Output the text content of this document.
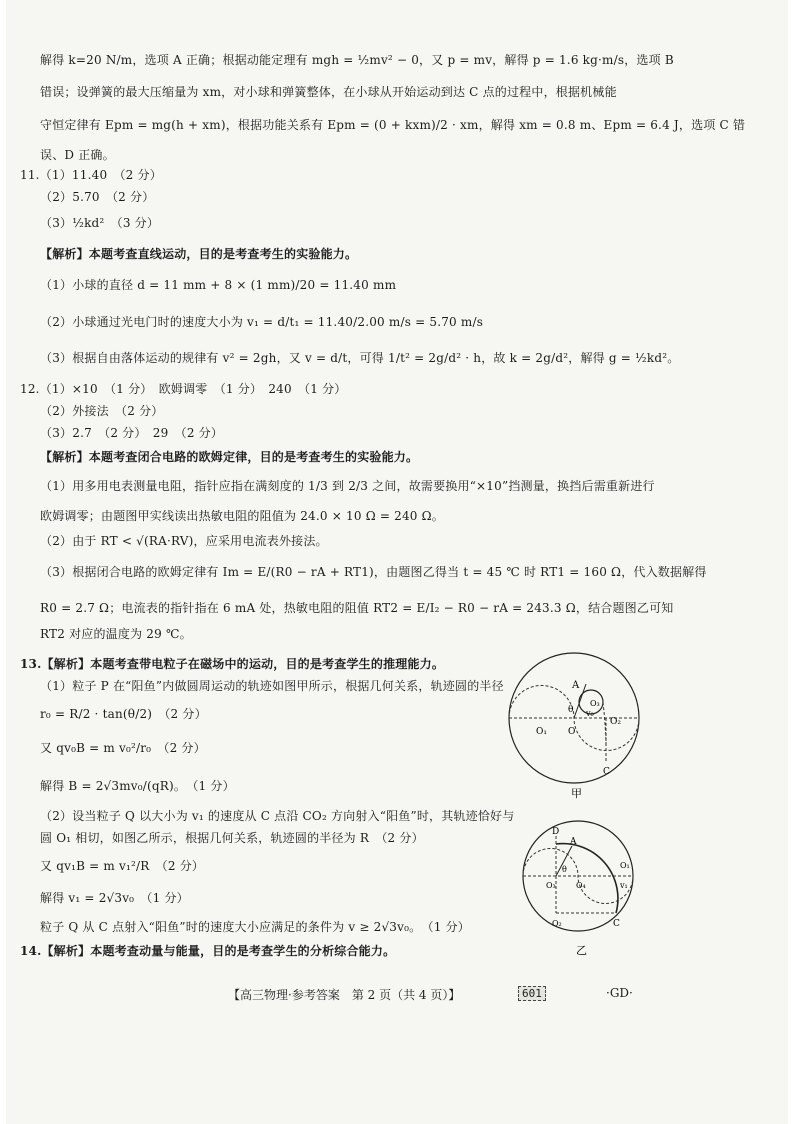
解得 k=20 N/m，选项 A 正确；根据动能定理有 mgh = ½mv² − 0，又 p = mv，解得 p = 1.6 kg·m/s，选项 B
错误；设弹簧的最大压缩量为 xm，对小球和弹簧整体，在小球从开始运动到达 C 点的过程中，根据机械能
守恒定律有 Epm = mg(h + xm)，根据功能关系有 Epm = (0 + kxm)/2 · xm，解得 xm = 0.8 m、Epm = 6.4 J，选项 C 错
误、D 正确。
11.（1）11.40　（2 分）
（2）5.70　（2 分）
（3）½kd²　（3 分）
【解析】本题考查直线运动，目的是考查考生的实验能力。
（1）小球的直径 d = 11 mm + 8 × (1 mm)/20 = 11.40 mm
（2）小球通过光电门时的速度大小为 v₁ = d/t₁ = 11.40/2.00 m/s = 5.70 m/s
（3）根据自由落体运动的规律有 v² = 2gh，又 v = d/t，可得 1/t² = 2g/d² · h，故 k = 2g/d²，解得 g = ½kd²。
12.（1）×10　（1 分）　欧姆调零　（1 分）　240　（1 分）
（2）外接法　（2 分）
（3）2.7　（2 分）　29　（2 分）
【解析】本题考查闭合电路的欧姆定律，目的是考查考生的实验能力。
（1）用多用电表测量电阻，指针应指在满刻度的 1/3 到 2/3 之间，故需要换用“×10”挡测量，换挡后需重新进行
欧姆调零；由题图甲实线读出热敏电阻的阻值为 24.0 × 10 Ω = 240 Ω。
（2）由于 RT < √(RA·RV)，应采用电流表外接法。
（3）根据闭合电路的欧姆定律有 Im = E/(R0 − rA + RT1)，由题图乙得当 t = 45 ℃ 时 RT1 = 160 Ω，代入数据解得
R0 = 2.7 Ω；电流表的指针指在 6 mA 处，热敏电阻的阻值 RT2 = E/I₂ − R0 − rA = 243.3 Ω，结合题图乙可知
RT2 对应的温度为 29 ℃。
13.【解析】本题考查带电粒子在磁场中的运动，目的是考查学生的推理能力。
（1）粒子 P 在“阳鱼”内做圆周运动的轨迹如图甲所示，根据几何关系，轨迹圆的半径
r₀ = R/2 · tan(θ/2)　（2 分）
又 qv₀B = m v₀²/r₀　（2 分）
解得 B = 2√3mv₀/(qR)。　（1 分）
（2）设当粒子 Q 以大小为 v₁ 的速度从 C 点沿 CO₂ 方向射入“阳鱼”时，其轨迹恰好与
圆 O₁ 相切，如图乙所示，根据几何关系，轨迹圆的半径为 R　（2 分）
又 qv₁B = m v₁²/R　（2 分）
解得 v₁ = 2√3v₀　（1 分）
粒子 Q 从 C 点射入“阳鱼”时的速度大小应满足的条件为 v ≥ 2√3v₀。　（1 分）
14.【解析】本题考查动量与能量，目的是考查学生的分析综合能力。
A
O₃
θ v₀
O₁ O
O₂
C
甲
D
A
θ
O₃
O₁
v₁
O₄
O₂	C
乙
【高三物理·参考答案　第 2 页（共 4 页）】	601	·GD·
